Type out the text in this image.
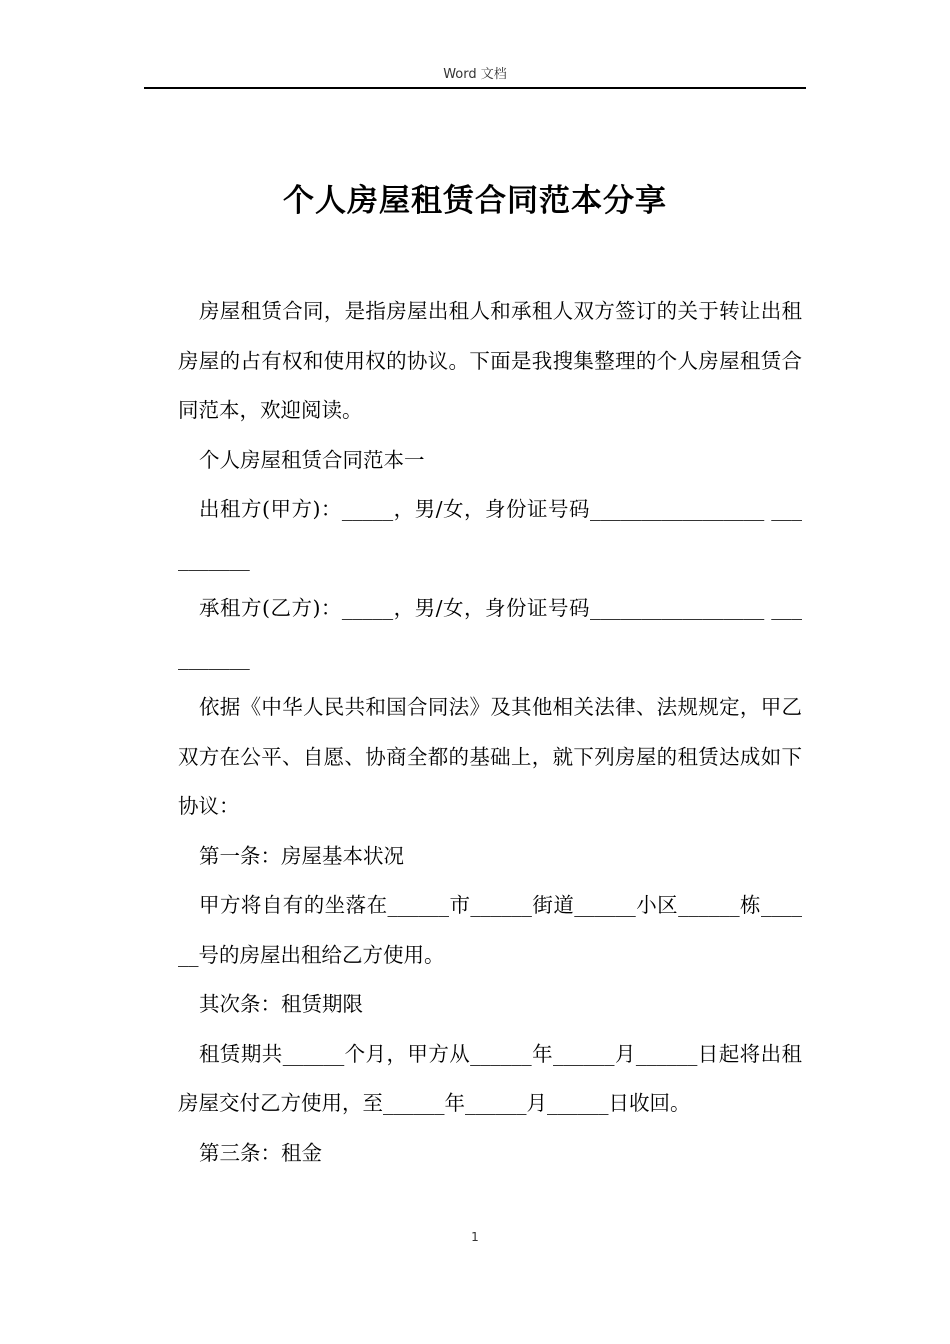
Word 文档
个人房屋租赁合同范本分享

房屋租赁合同，是指房屋出租人和承租人双方签订的关于转让出租房屋的占有权和使用权的协议。下面是我搜集整理的个人房屋租赁合同范本，欢迎阅读。

个人房屋租赁合同范本一

出租方(甲方)：_____，男/女，身份证号码_________________ __________

承租方(乙方)：_____，男/女，身份证号码_________________ __________

依据《中华人民共和国合同法》及其他相关法律、法规规定，甲乙双方在公平、自愿、协商全都的基础上，就下列房屋的租赁达成如下协议：

第一条：房屋基本状况

甲方将自有的坐落在______市______街道______小区______栋______号的房屋出租给乙方使用。

其次条：租赁期限

租赁期共______个月，甲方从______年______月______日起将出租房屋交付乙方使用，至______年______月______日收回。

第三条：租金

1
